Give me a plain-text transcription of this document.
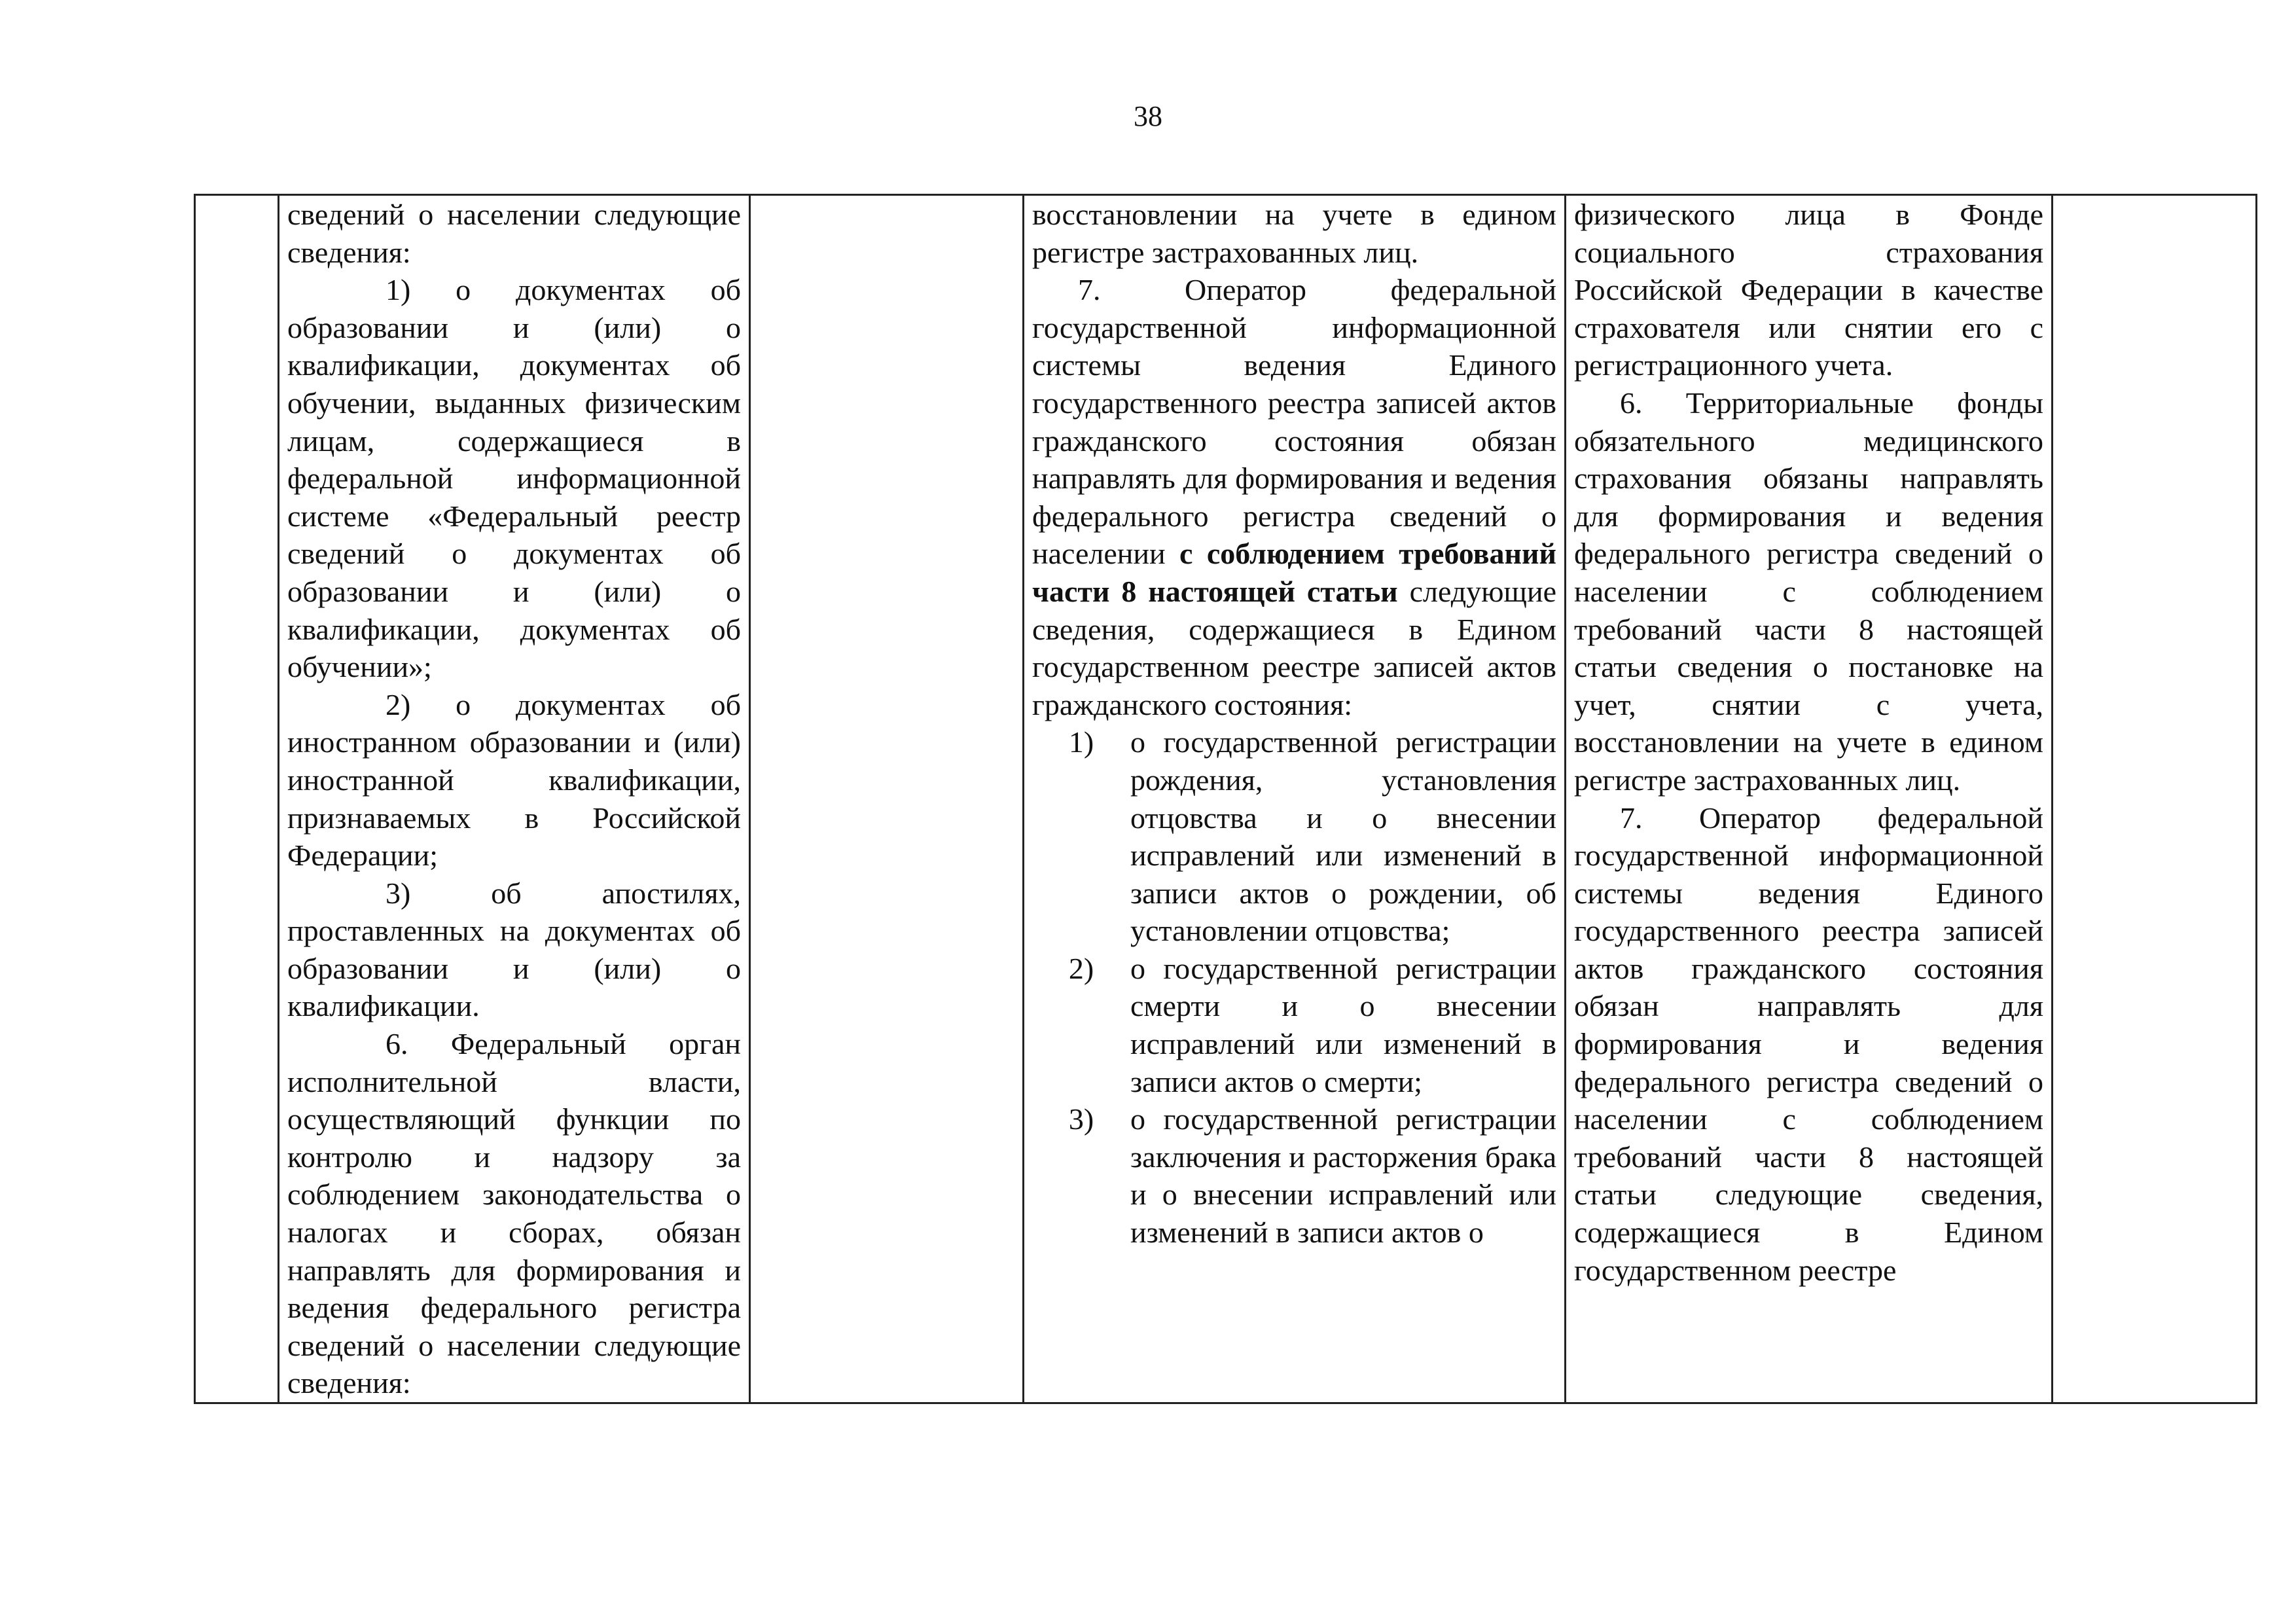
38

сведений о населении следующие сведения:

1) о документах об образовании и (или) о квалификации, документах об обучении, выданных физическим лицам, содержащиеся в федеральной информационной системе «Федеральный реестр сведений о документах об образовании и (или) о квалификации, документах об обучении»;

2) о документах об иностранном образовании и (или) иностранной квалификации, признаваемых в Российской Федерации;

3) об апостилях, проставленных на документах об образовании и (или) о квалификации.

6. Федеральный орган исполнительной власти, осуществляющий функции по контролю и надзору за соблюдением законодательства о налогах и сборах, обязан направлять для формирования и ведения федерального регистра сведений о населении следующие сведения:

восстановлении на учете в едином регистре застрахованных лиц.

7. Оператор федеральной государственной информационной системы ведения Единого государственного реестра записей актов гражданского состояния обязан направлять для формирования и ведения федерального регистра сведений о населении с соблюдением требований части 8 настоящей статьи следующие сведения, содержащиеся в Едином государственном реестре записей актов гражданского состояния:

1)	о государственной регистрации рождения, установления отцовства и о внесении исправлений или изменений в записи актов о рождении, об установлении отцовства;
2)	о государственной регистрации смерти и о внесении исправлений или изменений в записи актов о смерти;
3)	о государственной регистрации заключения и расторжения брака и о внесении исправлений или изменений в записи актов о

физического лица в Фонде социального страхования Российской Федерации в качестве страхователя или снятии его с регистрационного учета.

6. Территориальные фонды обязательного медицинского страхования обязаны направлять для формирования и ведения федерального регистра сведений о населении с соблюдением требований части 8 настоящей статьи сведения о постановке на учет, снятии с учета, восстановлении на учете в едином регистре застрахованных лиц.

7. Оператор федеральной государственной информационной системы ведения Единого государственного реестра записей актов гражданского состояния обязан направлять для формирования и ведения федерального регистра сведений о населении с соблюдением требований части 8 настоящей статьи следующие сведения, содержащиеся в Едином государственном реестре
